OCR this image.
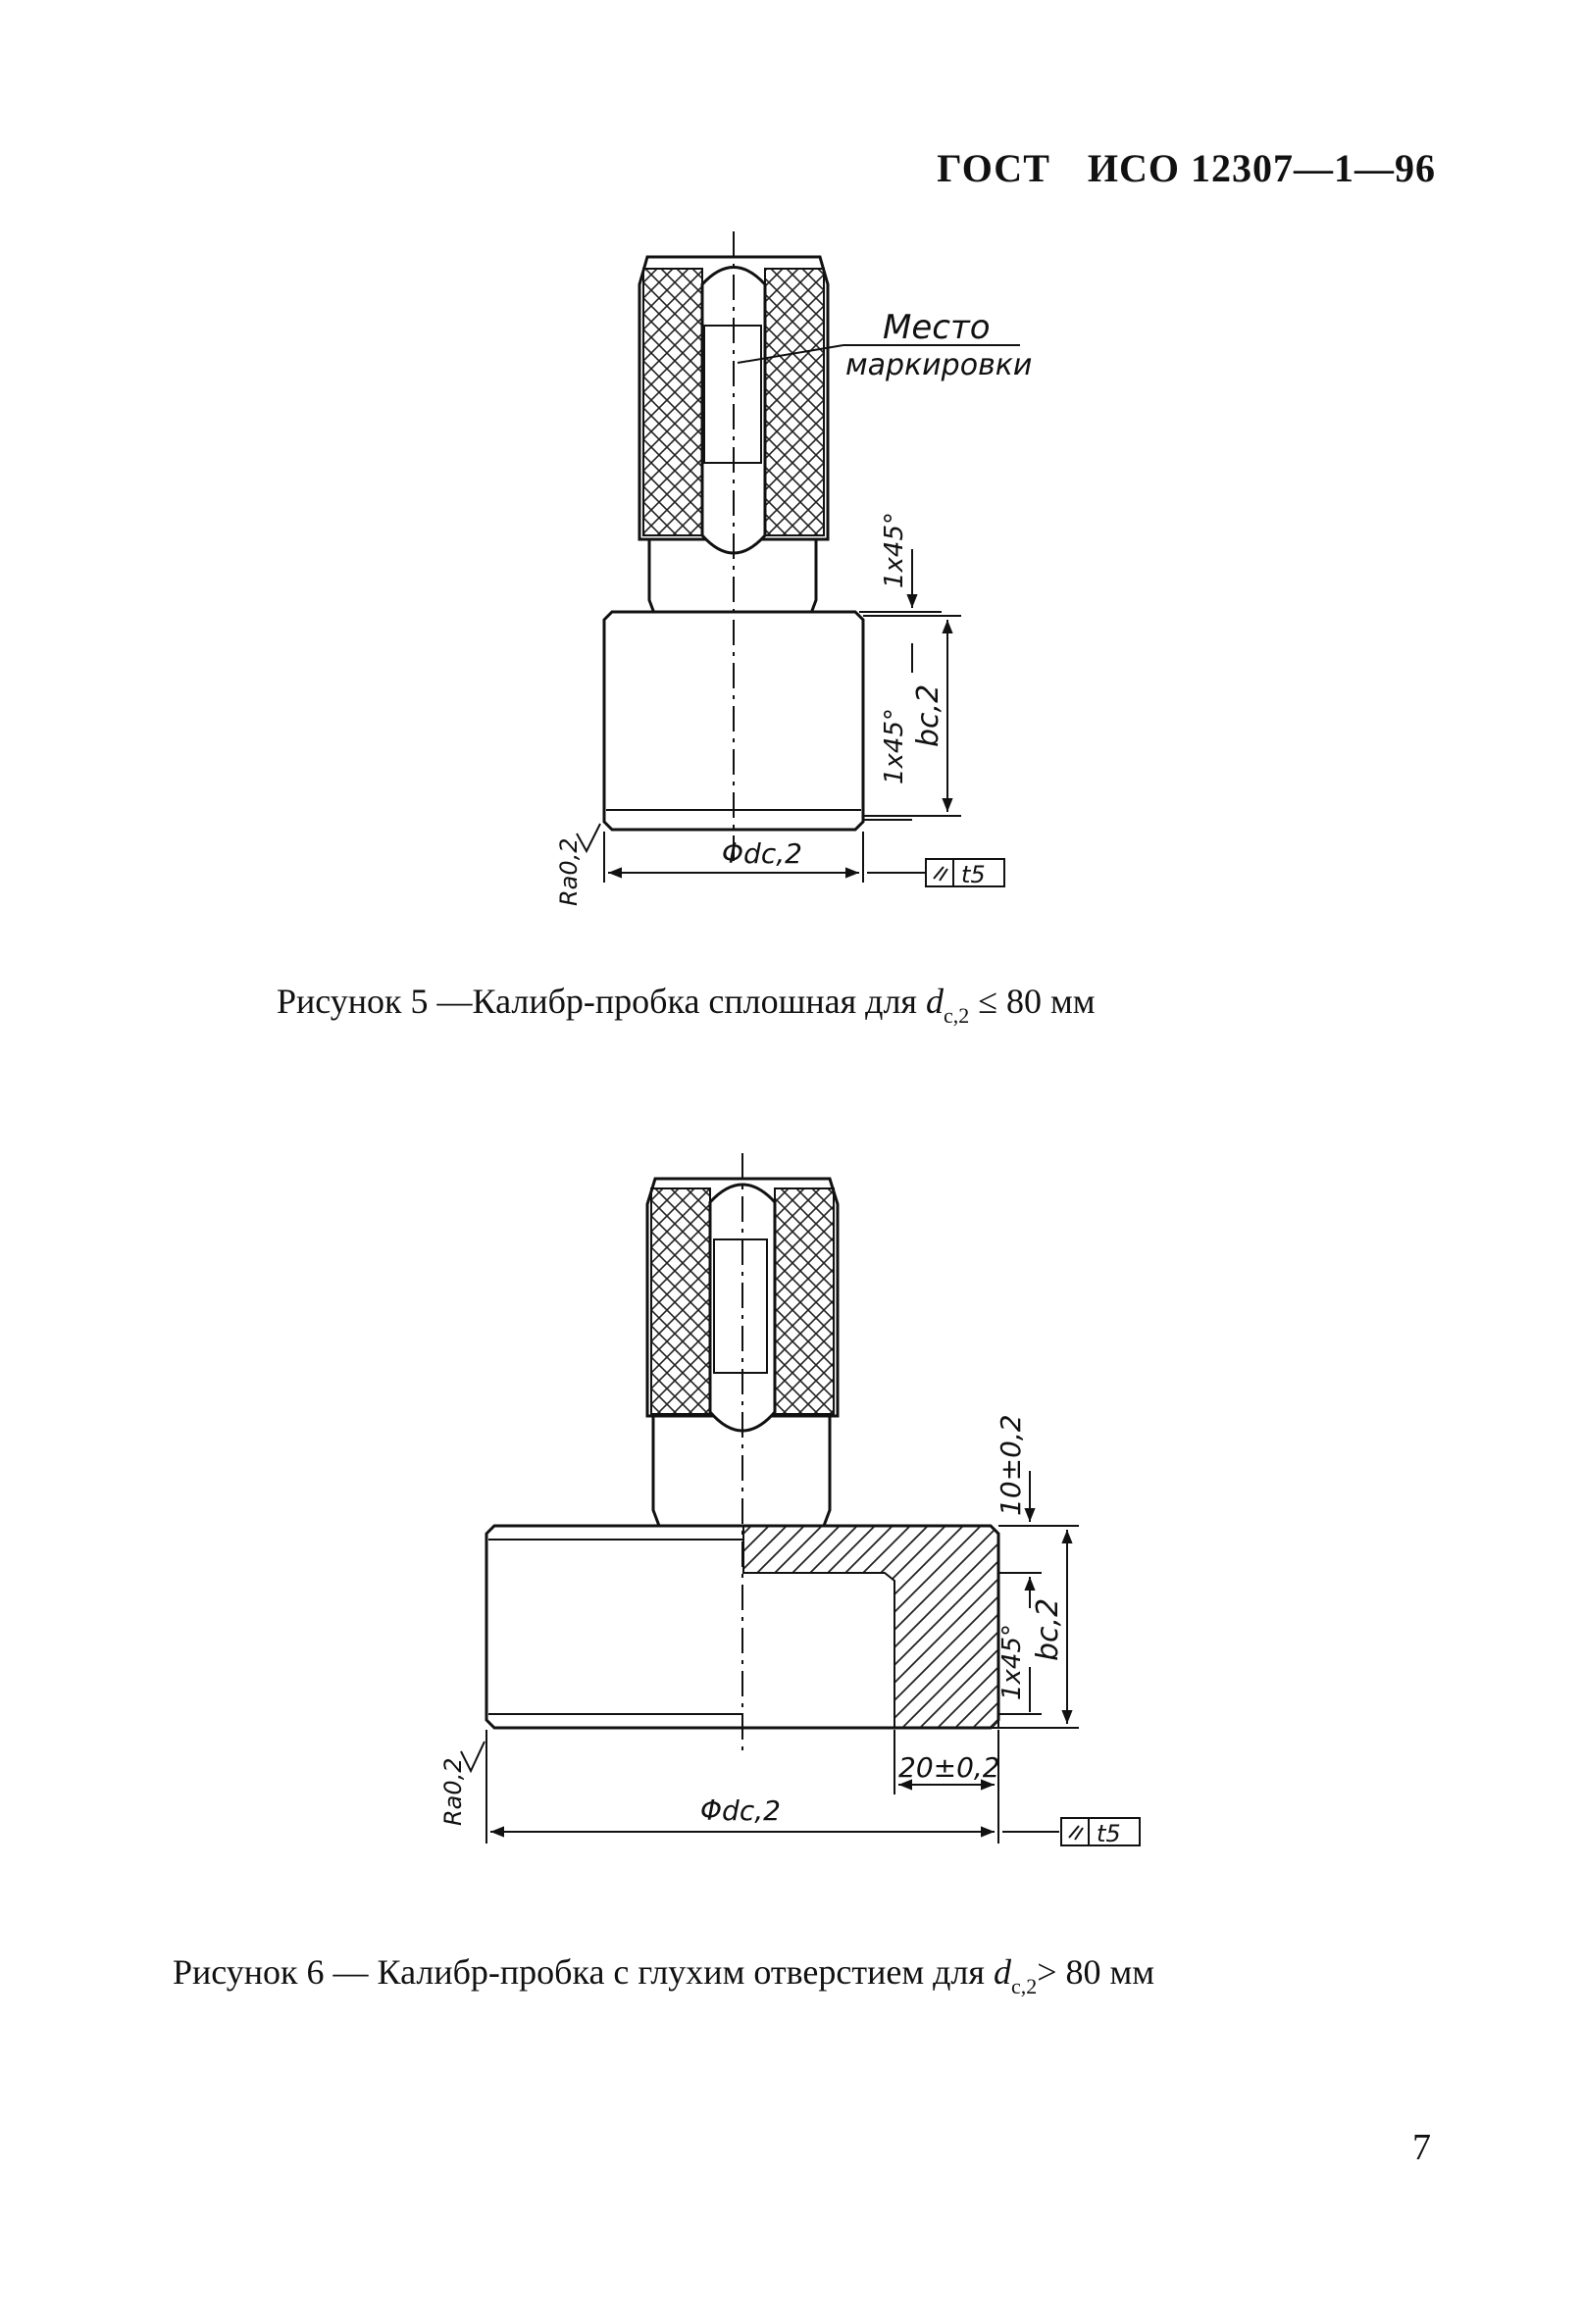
ГОСТ ИСО 12307—1—96
Место
маркировки
1x45°
1x45° bc,2
Φdc,2
Ra0,2	t5
Рисунок 5 —Калибр-пробка сплошная для $d_{c,2} \le 80$ мм
10±0,2
1x45° bc,2
20±0,2
Φdc,2
Ra0,2
t5
Рисунок 6 — Калибр-пробка с глухим отверстием для $d_{c,2}> 80$ мм
7
